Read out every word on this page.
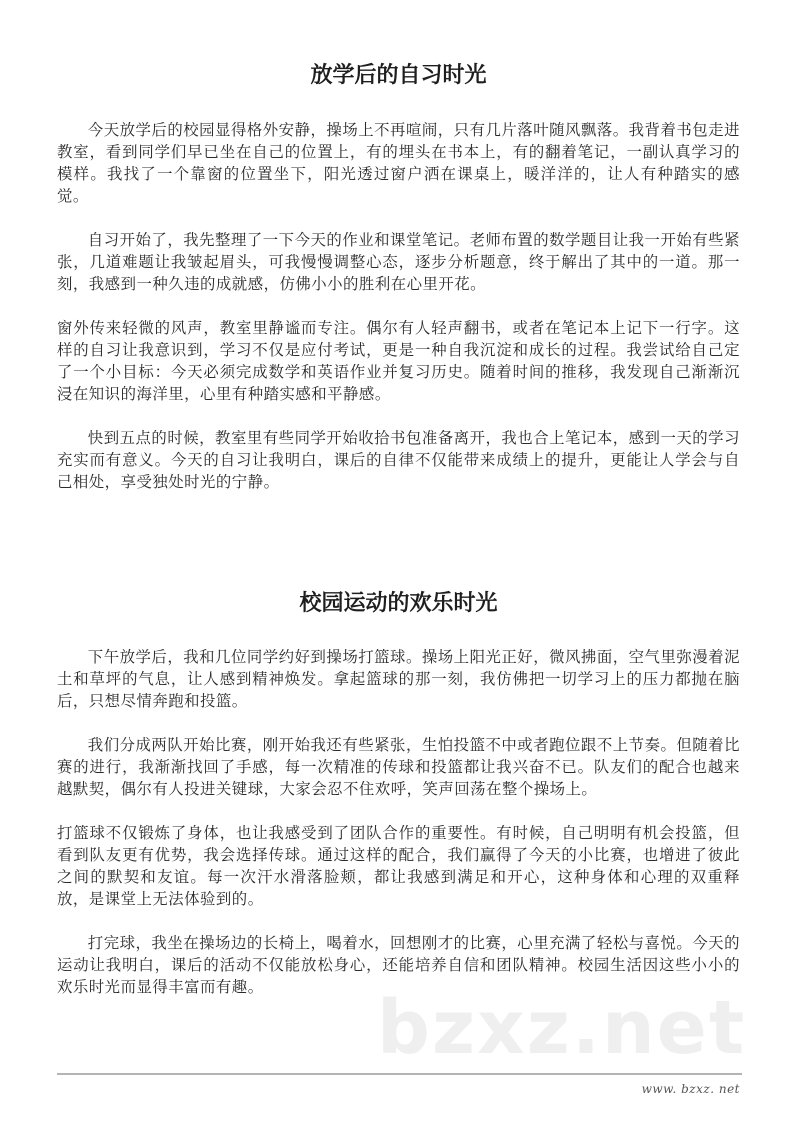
放学后的自习时光

今天放学后的校园显得格外安静，操场上不再喧闹，只有几片落叶随风飘落。我背着书包走进教室，看到同学们早已坐在自己的位置上，有的埋头在书本上，有的翻着笔记，一副认真学习的模样。我找了一个靠窗的位置坐下，阳光透过窗户洒在课桌上，暖洋洋的，让人有种踏实的感觉。

自习开始了，我先整理了一下今天的作业和课堂笔记。老师布置的数学题目让我一开始有些紧张，几道难题让我皱起眉头，可我慢慢调整心态，逐步分析题意，终于解出了其中的一道。那一刻，我感到一种久违的成就感，仿佛小小的胜利在心里开花。

窗外传来轻微的风声，教室里静谧而专注。偶尔有人轻声翻书，或者在笔记本上记下一行字。这样的自习让我意识到，学习不仅是应付考试，更是一种自我沉淀和成长的过程。我尝试给自己定了一个小目标：今天必须完成数学和英语作业并复习历史。随着时间的推移，我发现自己渐渐沉浸在知识的海洋里，心里有种踏实感和平静感。

快到五点的时候，教室里有些同学开始收拾书包准备离开，我也合上笔记本，感到一天的学习充实而有意义。今天的自习让我明白，课后的自律不仅能带来成绩上的提升，更能让人学会与自己相处，享受独处时光的宁静。

校园运动的欢乐时光

下午放学后，我和几位同学约好到操场打篮球。操场上阳光正好，微风拂面，空气里弥漫着泥土和草坪的气息，让人感到精神焕发。拿起篮球的那一刻，我仿佛把一切学习上的压力都抛在脑后，只想尽情奔跑和投篮。

我们分成两队开始比赛，刚开始我还有些紧张，生怕投篮不中或者跑位跟不上节奏。但随着比赛的进行，我渐渐找回了手感，每一次精准的传球和投篮都让我兴奋不已。队友们的配合也越来越默契，偶尔有人投进关键球，大家会忍不住欢呼，笑声回荡在整个操场上。

打篮球不仅锻炼了身体，也让我感受到了团队合作的重要性。有时候，自己明明有机会投篮，但看到队友更有优势，我会选择传球。通过这样的配合，我们赢得了今天的小比赛，也增进了彼此之间的默契和友谊。每一次汗水滑落脸颊，都让我感到满足和开心，这种身体和心理的双重释放，是课堂上无法体验到的。

打完球，我坐在操场边的长椅上，喝着水，回想刚才的比赛，心里充满了轻松与喜悦。今天的运动让我明白，课后的活动不仅能放松身心，还能培养自信和团队精神。校园生活因这些小小的欢乐时光而显得丰富而有趣。	bzxz.net
www. bzxz. net
